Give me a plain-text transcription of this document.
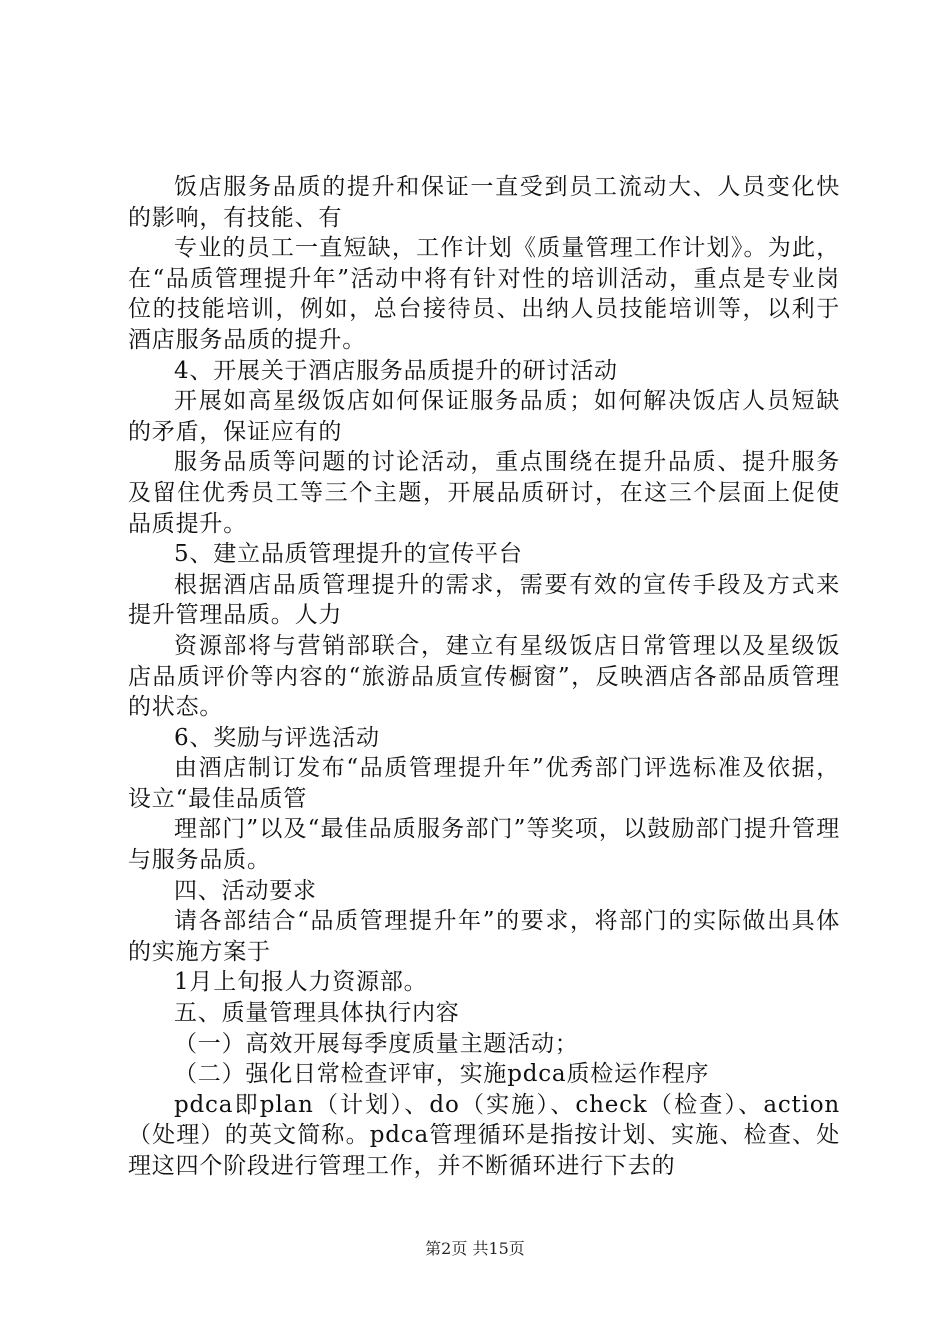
饭店服务品质的提升和保证一直受到员工流动大、人员变化快的影响，有技能、有

专业的员工一直短缺，工作计划《质量管理工作计划》。为此，在“品质管理提升年”活动中将有针对性的培训活动，重点是专业岗位的技能培训，例如，总台接待员、出纳人员技能培训等，以利于酒店服务品质的提升。

4、开展关于酒店服务品质提升的研讨活动

开展如高星级饭店如何保证服务品质；如何解决饭店人员短缺的矛盾，保证应有的

服务品质等问题的讨论活动，重点围绕在提升品质、提升服务及留住优秀员工等三个主题，开展品质研讨，在这三个层面上促使品质提升。

5、建立品质管理提升的宣传平台

根据酒店品质管理提升的需求，需要有效的宣传手段及方式来提升管理品质。人力

资源部将与营销部联合，建立有星级饭店日常管理以及星级饭店品质评价等内容的“旅游品质宣传橱窗”，反映酒店各部品质管理的状态。

6、奖励与评选活动

由酒店制订发布“品质管理提升年”优秀部门评选标准及依据，设立“最佳品质管

理部门”以及“最佳品质服务部门”等奖项，以鼓励部门提升管理与服务品质。

四、活动要求

请各部结合“品质管理提升年”的要求，将部门的实际做出具体的实施方案于

1月上旬报人力资源部。

五、质量管理具体执行内容

（一）高效开展每季度质量主题活动；

（二）强化日常检查评审，实施pdca质检运作程序

pdca即plan（计划）、do（实施）、check（检查）、action（处理）的英文简称。pdca管理循环是指按计划、实施、检查、处理这四个阶段进行管理工作，并不断循环进行下去的

第2页 共15页
